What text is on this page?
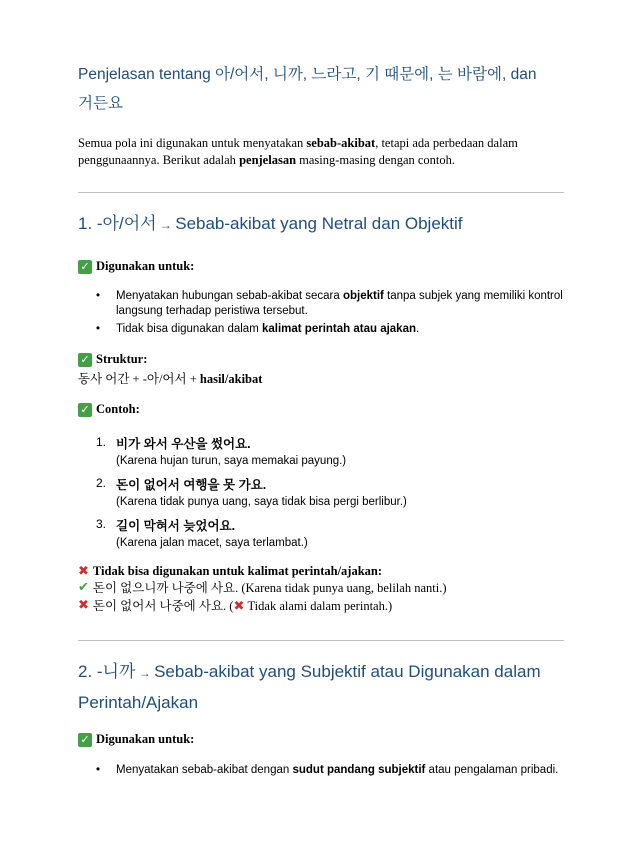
Penjelasan tentang 아/어서, 니까, 느라고, 기 때문에, 는 바람에, dan 거든요
Semua pola ini digunakan untuk menyatakan sebab-akibat, tetapi ada perbedaan dalam penggunaannya. Berikut adalah penjelasan masing-masing dengan contoh.
1. -아/어서 → Sebab-akibat yang Netral dan Objektif
✓ Digunakan untuk:
• Menyatakan hubungan sebab-akibat secara objektif tanpa subjek yang memiliki kontrol langsung terhadap peristiwa tersebut.
• Tidak bisa digunakan dalam kalimat perintah atau ajakan.
✓ Struktur:
동사 어간 + -아/어서 + hasil/akibat
✓ Contoh:
1. 비가 와서 우산을 썼어요.
(Karena hujan turun, saya memakai payung.)
2. 돈이 없어서 여행을 못 가요.
(Karena tidak punya uang, saya tidak bisa pergi berlibur.)
3. 길이 막혀서 늦었어요.
(Karena jalan macet, saya terlambat.)
✖ Tidak bisa digunakan untuk kalimat perintah/ajakan:
✔ 돈이 없으니까 나중에 사요. (Karena tidak punya uang, belilah nanti.)
✖ 돈이 없어서 나중에 사요. (✖ Tidak alami dalam perintah.)
2. -니까 → Sebab-akibat yang Subjektif atau Digunakan dalam Perintah/Ajakan
✓ Digunakan untuk:
• Menyatakan sebab-akibat dengan sudut pandang subjektif atau pengalaman pribadi.
